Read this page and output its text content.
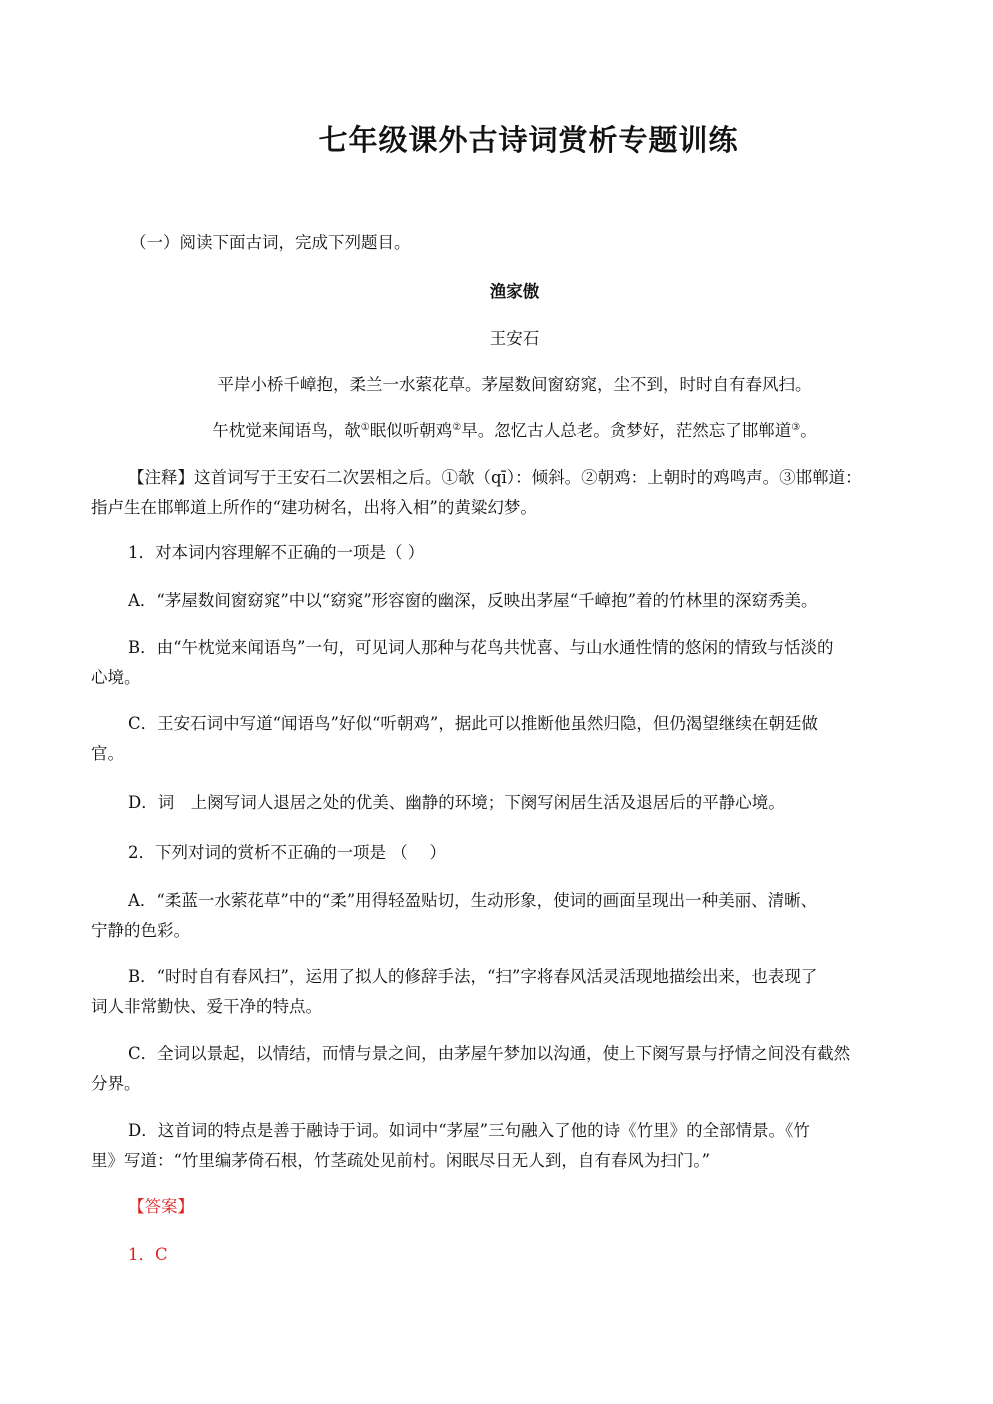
七年级课外古诗词赏析专题训练
（一）阅读下面古词，完成下列题目。
渔家傲
王安石
平岸小桥千嶂抱，柔兰一水萦花草。茅屋数间窗窈窕，尘不到，时时自有春风扫。
午枕觉来闻语鸟，欹①眠似听朝鸡②早。忽忆古人总老。贪梦好，茫然忘了邯郸道③。
【注释】这首词写于王安石二次罢相之后。①欹（qī）：倾斜。②朝鸡：上朝时的鸡鸣声。③邯郸道：
指卢生在邯郸道上所作的“建功树名，出将入相”的黄粱幻梦。
1．对本词内容理解不正确的一项是（ ）
A．“茅屋数间窗窈窕”中以“窈窕”形容窗的幽深，反映出茅屋“千嶂抱”着的竹林里的深窈秀美。
B．由“午枕觉来闻语鸟”一句，可见词人那种与花鸟共忧喜、与山水通性情的悠闲的情致与恬淡的
心境。
C．王安石词中写道“闻语鸟”好似“听朝鸡”，据此可以推断他虽然归隐，但仍渴望继续在朝廷做
官。
D．词　上阕写词人退居之处的优美、幽静的环境；下阕写闲居生活及退居后的平静心境。
2．下列对词的赏析不正确的一项是 （　 ）
A．“柔蓝一水萦花草”中的“柔”用得轻盈贴切，生动形象，使词的画面呈现出一种美丽、清晰、
宁静的色彩。
B．“时时自有春风扫”，运用了拟人的修辞手法，“扫”字将春风活灵活现地描绘出来，也表现了
词人非常勤快、爱干净的特点。
C．全词以景起，以情结，而情与景之间，由茅屋午梦加以沟通，使上下阕写景与抒情之间没有截然
分界。
D．这首词的特点是善于融诗于词。如词中“茅屋”三句融入了他的诗《竹里》的全部情景。《竹
里》写道：“竹里编茅倚石根，竹茎疏处见前村。闲眠尽日无人到，自有春风为扫门。”
【答案】
1．C
